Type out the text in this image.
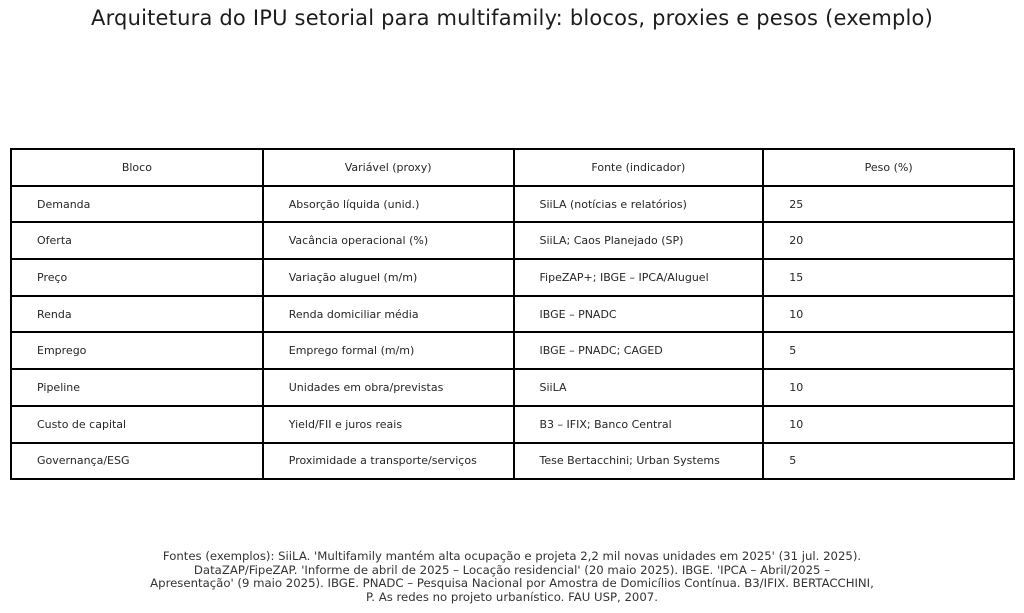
Arquitetura do IPU setorial para multifamily: blocos, proxies e pesos (exemplo)
Bloco	Variável (proxy)	Fonte (indicador)	Peso (%)
Demanda	Absorção líquida (unid.)	SiiLA (notícias e relatórios)	25
Oferta	Vacância operacional (%)	SiiLA; Caos Planejado (SP)	20
Preço	Variação aluguel (m/m)	FipeZAP+; IBGE – IPCA/Aluguel	15
Renda	Renda domiciliar média	IBGE – PNADC	10
Emprego	Emprego formal (m/m)	IBGE – PNADC; CAGED	5
Pipeline	Unidades em obra/previstas	SiiLA	10
Custo de capital	Yield/FII e juros reais	B3 – IFIX; Banco Central	10
Governança/ESG	Proximidade a transporte/serviços	Tese Bertacchini; Urban Systems	5
Fontes (exemplos): SiiLA. 'Multifamily mantém alta ocupação e projeta 2,2 mil novas unidades em 2025' (31 jul. 2025).
DataZAP/FipeZAP. 'Informe de abril de 2025 – Locação residencial' (20 maio 2025). IBGE. 'IPCA – Abril/2025 –
Apresentação' (9 maio 2025). IBGE. PNADC – Pesquisa Nacional por Amostra de Domicílios Contínua. B3/IFIX. BERTACCHINI,
P. As redes no projeto urbanístico. FAU USP, 2007.
